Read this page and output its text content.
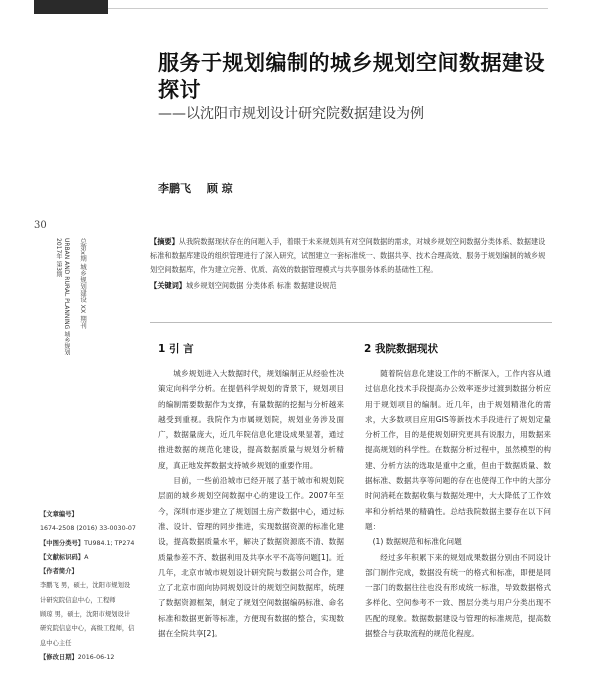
服务于规划编制的城乡规划空间数据建设探讨
——以沈阳市规划设计研究院数据建设为例
李鹏飞 顾 琼
30
URBAN AND RURAL PLANNING 城乡规划 2017年 第3期	总第x期 城乡规划建设 XX 期刊	【摘要】从我院数据现状存在的问题入手，着眼于未来规划具有对空间数据的需求，对城乡规划空间数据分类体系、数据建设标准和数据库建设的组织管理进行了深入研究，试图建立一套标准统一、数据共享、技术合理高效、服务于规划编制的城乡规划空间数据库，作为建立完善、优质、高效的数据管理模式与共享服务体系的基础性工程。

【关键词】城乡规划空间数据 分类体系 标准 数据建设规范

1 引 言	2 我院数据现状

城乡规划进入大数据时代，规划编制正从经验性决策定向科学分析。在提倡科学规划的背景下，规划项目的编制需要数据作为支撑，有量数据的挖掘与分析越来越受到重视。我院作为市属规划院，规划业务涉及面广，数据量庞大，近几年院信息化建设成果显著，通过推进数据的规范化建设，提高数据质量与规划分析精度，真正地发挥数据支持城乡规划的重要作用。

目前，一些前沿城市已经开展了基于城市和规划院层面的城乡规划空间数据中心的建设工作。2007年至今，深圳市逐步建立了规划国土房产数据中心，通过标准、设计、管理的同步推进，实现数据资源的标准化建设，提高数据质量水平，解决了数据资源底不清、数据质量参差不齐、数据利用及共享水平不高等问题[1]。近几年，北京市城市规划设计研究院与数据公司合作，建立了北京市面向协同规划设计的规划空间数据库，统理了数据资源框架，制定了规划空间数据编码标准、命名标准和数据更新等标准，方便现有数据的整合，实现数据在全院共享[2]。

随着院信息化建设工作的不断深入，工作内容从通过信息化技术手段提高办公效率逐步过渡到数据分析应用于规划项目的编制。近几年，由于规划精准化的需求，大多数项目应用GIS等新技术手段进行了规划定量分析工作，目的是使规划研究更具有说服力，用数据来提高规划的科学性。在数据分析过程中，虽然模型的构建、分析方法的选取是重中之重，但由于数据质量、数据标准、数据共享等问题的存在也使得工作中的大部分时间消耗在数据收集与数据处理中，大大降低了工作效率和分析结果的精确性。总结我院数据主要存在以下问题：

(1) 数据规范和标准化问题

经过多年积累下来的规划成果数据分别由不同设计部门制作完成，数据没有统一的格式和标准，即便是同一部门的数据往往也没有形成统一标准，导致数据格式多样化、空间参考不一致、图层分类与用户分类出现不匹配的现象。数据数据建设与管理的标准规范，提高数据整合与获取流程的规范化程度。

【文章编号】
1674-2508 (2016) 33-0030-07
【中图分类号】TU984.1; TP274
【文献标识码】A
【作者简介】
李鹏飞 男，硕士，沈阳市规划设
计研究院信息中心，工程师
顾琼 男，硕士，沈阳市规划设计
研究院信息中心，高级工程师，信
息中心主任
【修改日期】2016-06-12
